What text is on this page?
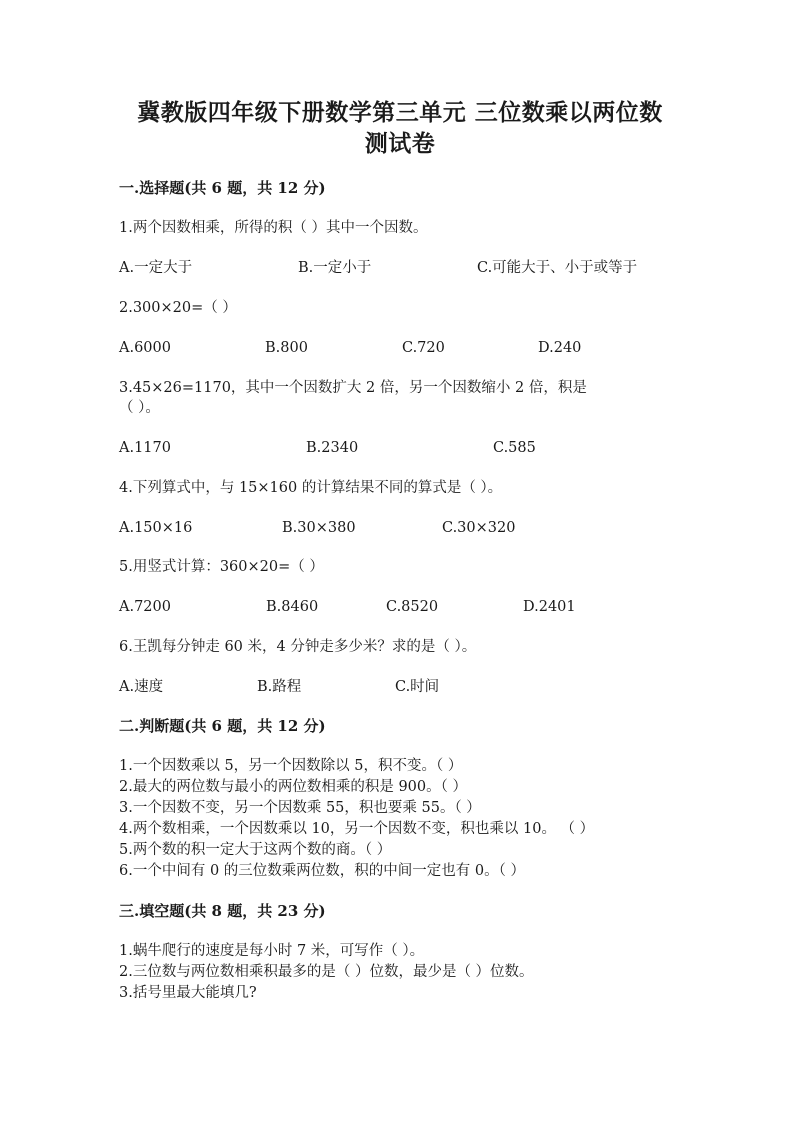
冀教版四年级下册数学第三单元 三位数乘以两位数
测试卷
一.选择题(共 6 题，共 12 分)
1.两个因数相乘，所得的积（ ）其中一个因数。
A.一定大于	B.一定小于	C.可能大于、小于或等于
2.300×20=（ ）
A.6000	B.800	C.720	D.240
3.45×26=1170，其中一个因数扩大 2 倍，另一个因数缩小 2 倍，积是
（ ）。
A.1170	B.2340	C.585
4.下列算式中，与 15×160 的计算结果不同的算式是（ ）。
A.150×16	B.30×380	C.30×320
5.用竖式计算：360×20=（ ）
A.7200	B.8460	C.8520	D.2401
6.王凯每分钟走 60 米，4 分钟走多少米？求的是（ ）。
A.速度	B.路程	C.时间
二.判断题(共 6 题，共 12 分)
1.一个因数乘以 5，另一个因数除以 5，积不变。（ ）
2.最大的两位数与最小的两位数相乘的积是 900。（ ）
3.一个因数不变，另一个因数乘 55，积也要乘 55。（ ）
4.两个数相乘，一个因数乘以 10，另一个因数不变，积也乘以 10。 （ ）
5.两个数的积一定大于这两个数的商。（ ）
6.一个中间有 0 的三位数乘两位数，积的中间一定也有 0。（ ）
三.填空题(共 8 题，共 23 分)
1.蜗牛爬行的速度是每小时 7 米，可写作（ ）。
2.三位数与两位数相乘积最多的是（ ）位数，最少是（ ）位数。
3.括号里最大能填几?
